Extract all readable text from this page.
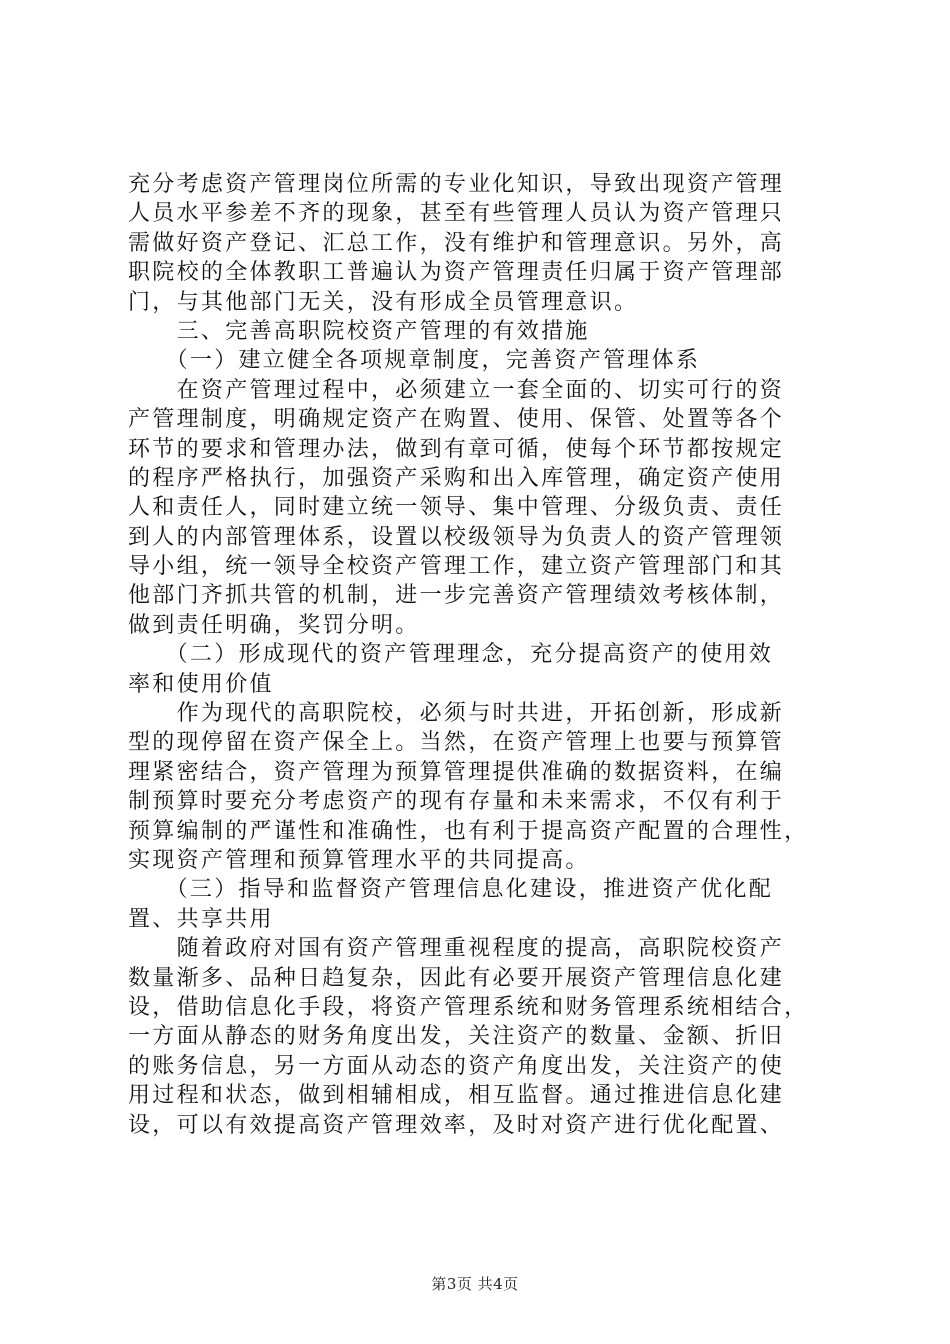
充分考虑资产管理岗位所需的专业化知识，导致出现资产管理
人员水平参差不齐的现象，甚至有些管理人员认为资产管理只
需做好资产登记、汇总工作，没有维护和管理意识。另外，高
职院校的全体教职工普遍认为资产管理责任归属于资产管理部
门，与其他部门无关，没有形成全员管理意识。
　　三、完善高职院校资产管理的有效措施
　　（一）建立健全各项规章制度，完善资产管理体系
　　在资产管理过程中，必须建立一套全面的、切实可行的资
产管理制度，明确规定资产在购置、使用、保管、处置等各个
环节的要求和管理办法，做到有章可循，使每个环节都按规定
的程序严格执行，加强资产采购和出入库管理，确定资产使用
人和责任人，同时建立统一领导、集中管理、分级负责、责任
到人的内部管理体系，设置以校级领导为负责人的资产管理领
导小组，统一领导全校资产管理工作，建立资产管理部门和其
他部门齐抓共管的机制，进一步完善资产管理绩效考核体制，
做到责任明确，奖罚分明。
　　（二）形成现代的资产管理理念，充分提高资产的使用效
率和使用价值
　　作为现代的高职院校，必须与时共进，开拓创新，形成新
型的现停留在资产保全上。当然，在资产管理上也要与预算管
理紧密结合，资产管理为预算管理提供准确的数据资料，在编
制预算时要充分考虑资产的现有存量和未来需求，不仅有利于
预算编制的严谨性和准确性，也有利于提高资产配置的合理性，
实现资产管理和预算管理水平的共同提高。
　　（三）指导和监督资产管理信息化建设，推进资产优化配
置、共享共用
　　随着政府对国有资产管理重视程度的提高，高职院校资产
数量渐多、品种日趋复杂，因此有必要开展资产管理信息化建
设，借助信息化手段，将资产管理系统和财务管理系统相结合，
一方面从静态的财务角度出发，关注资产的数量、金额、折旧
的账务信息，另一方面从动态的资产角度出发，关注资产的使
用过程和状态，做到相辅相成，相互监督。通过推进信息化建
设，可以有效提高资产管理效率，及时对资产进行优化配置、
第3页 共4页
